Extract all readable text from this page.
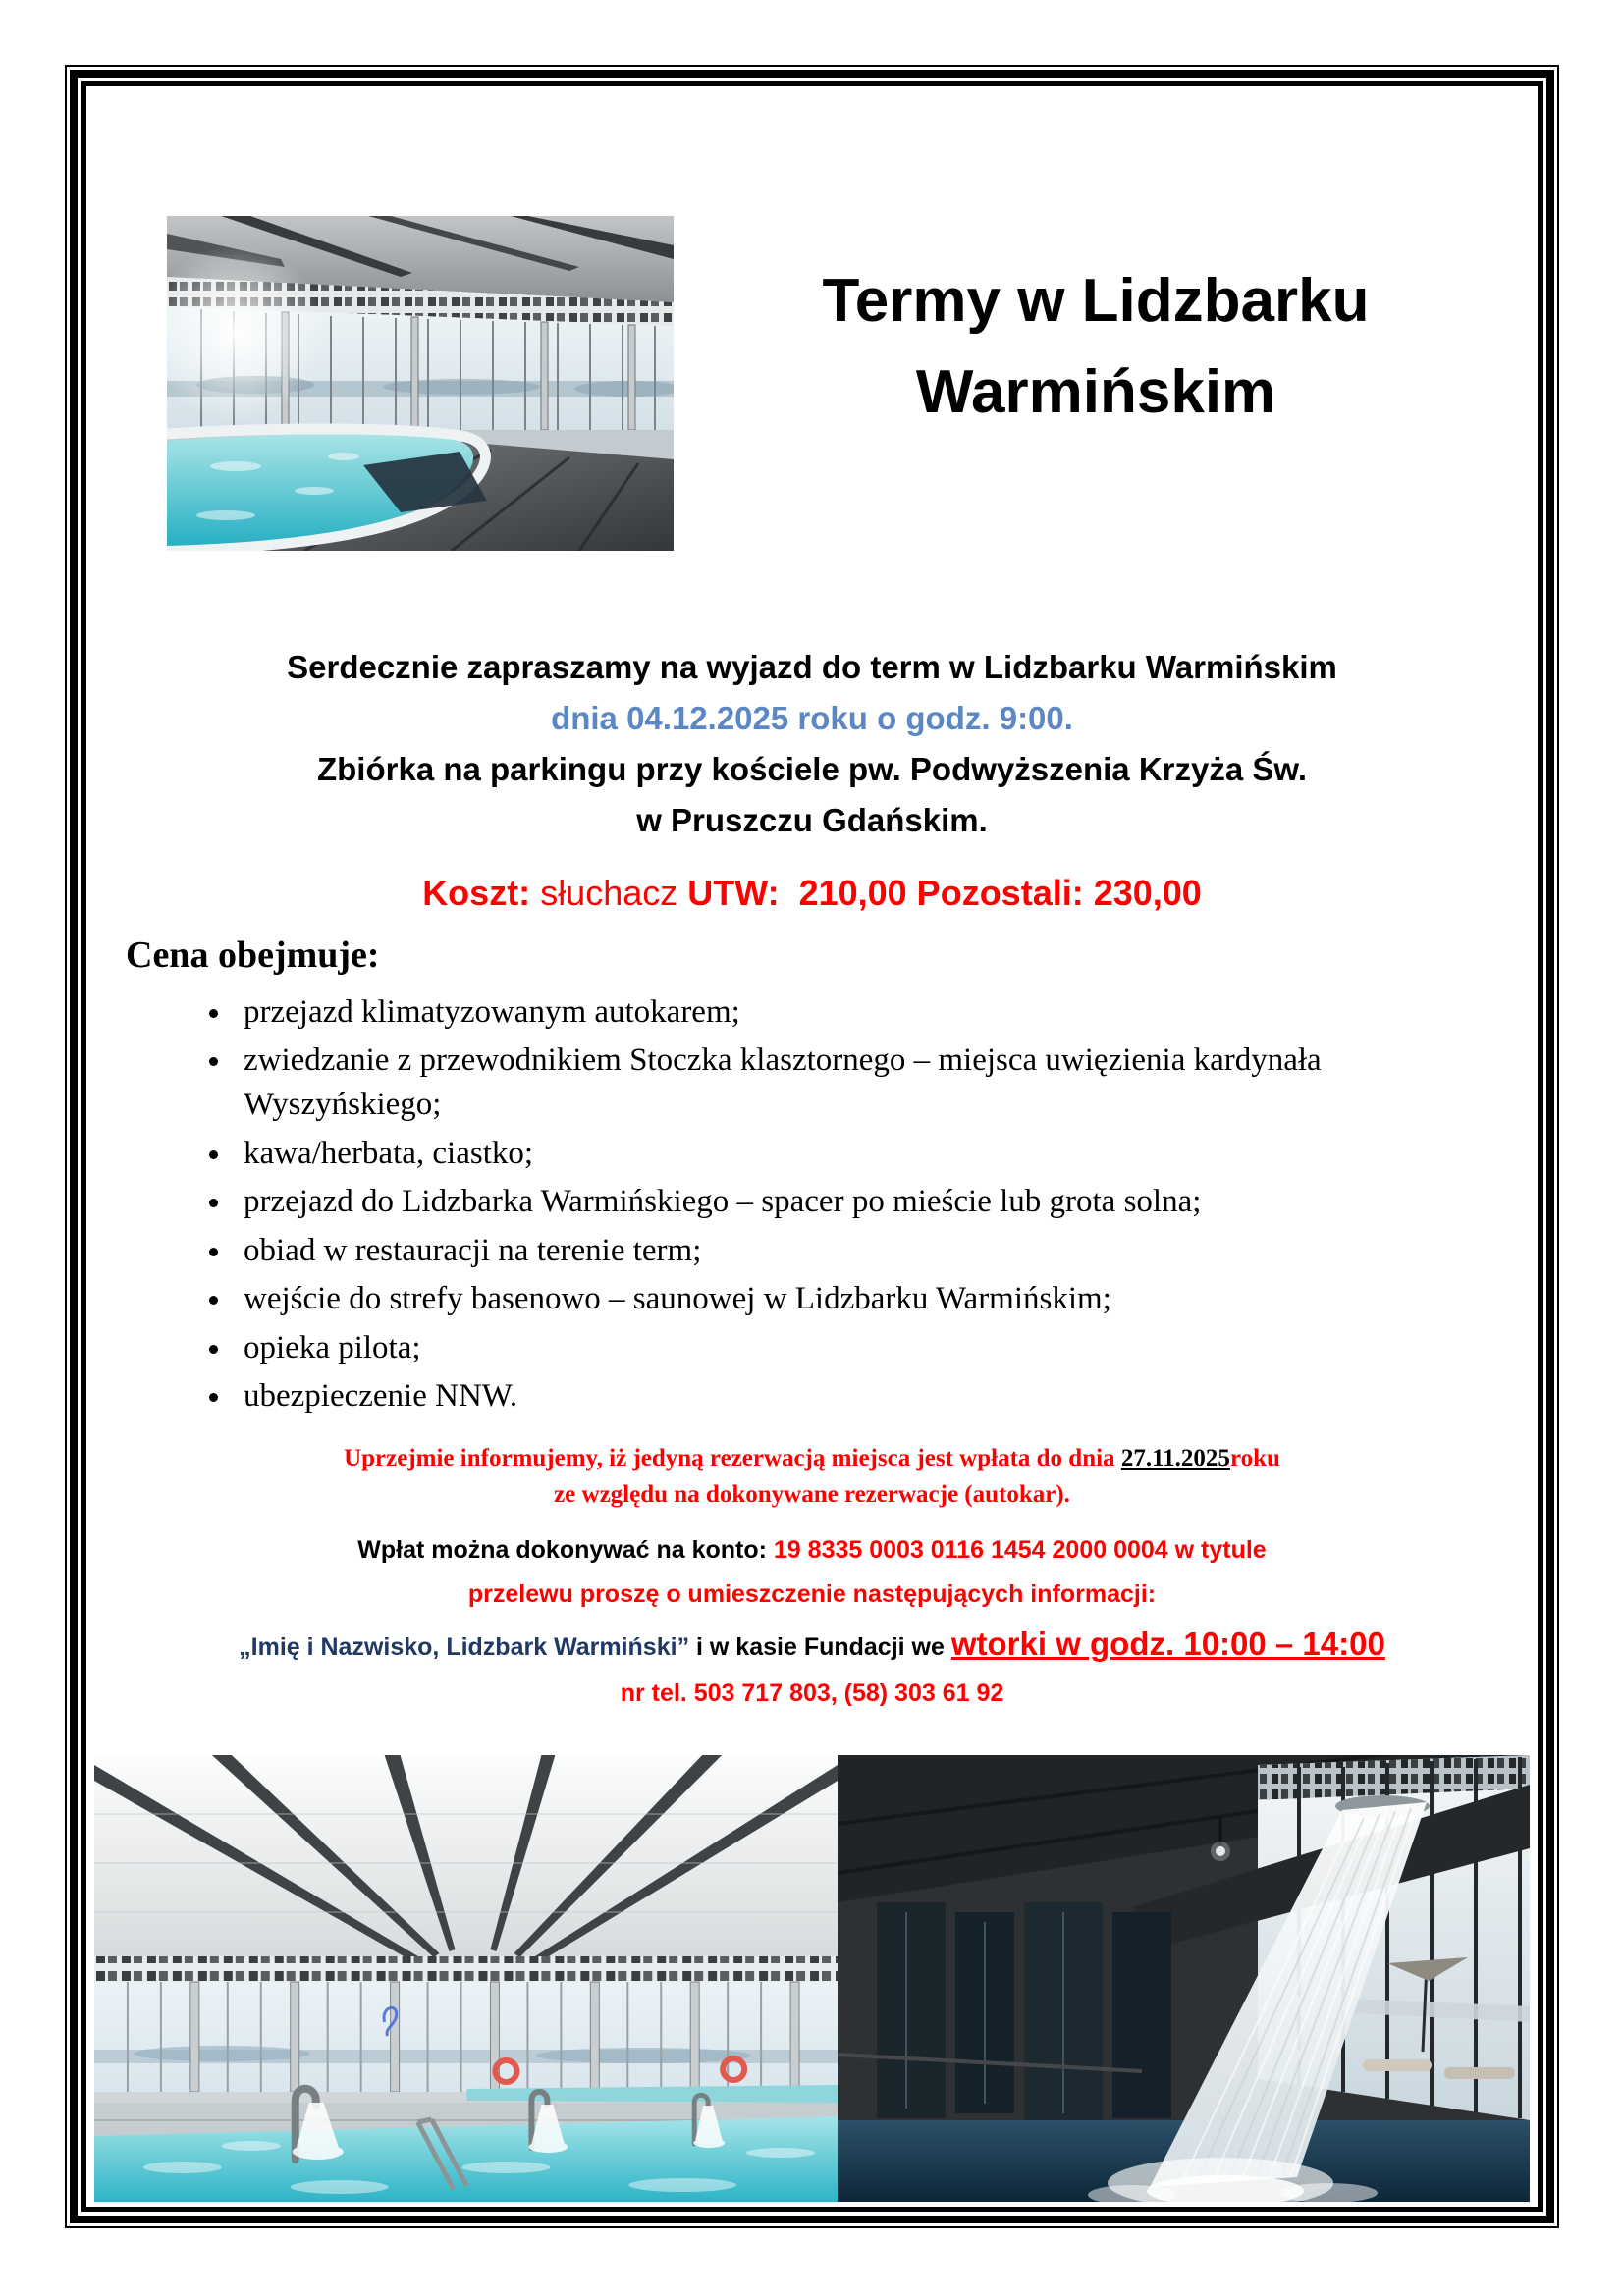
Termy w Lidzbarku
Warmińskim
Serdecznie zapraszamy na wyjazd do term w Lidzbarku Warmińskim
dnia 04.12.2025 roku o godz. 9:00.
Zbiórka na parkingu przy kościele pw. Podwyższenia Krzyża Św.
w Pruszczu Gdańskim.
Koszt: słuchacz UTW:  210,00 Pozostali: 230,00
Cena obejmuje:
• przejazd klimatyzowanym autokarem;
• zwiedzanie z przewodnikiem Stoczka klasztornego – miejsca uwięzienia kardynała Wyszyńskiego;
• kawa/herbata, ciastko;
• przejazd do Lidzbarka Warmińskiego – spacer po mieście lub grota solna;
• obiad w restauracji na terenie term;
• wejście do strefy basenowo – saunowej w Lidzbarku Warmińskim;
• opieka pilota;
• ubezpieczenie NNW.
Uprzejmie informujemy, iż jedyną rezerwacją miejsca jest wpłata do dnia 27.11.2025roku
ze względu na dokonywane rezerwacje (autokar).
Wpłat można dokonywać na konto: 19 8335 0003 0116 1454 2000 0004 w tytule
przelewu proszę o umieszczenie następujących informacji:
„Imię i Nazwisko, Lidzbark Warmiński” i w kasie Fundacji we wtorki w godz. 10:00 – 14:00
nr tel. 503 717 803, (58) 303 61 92
